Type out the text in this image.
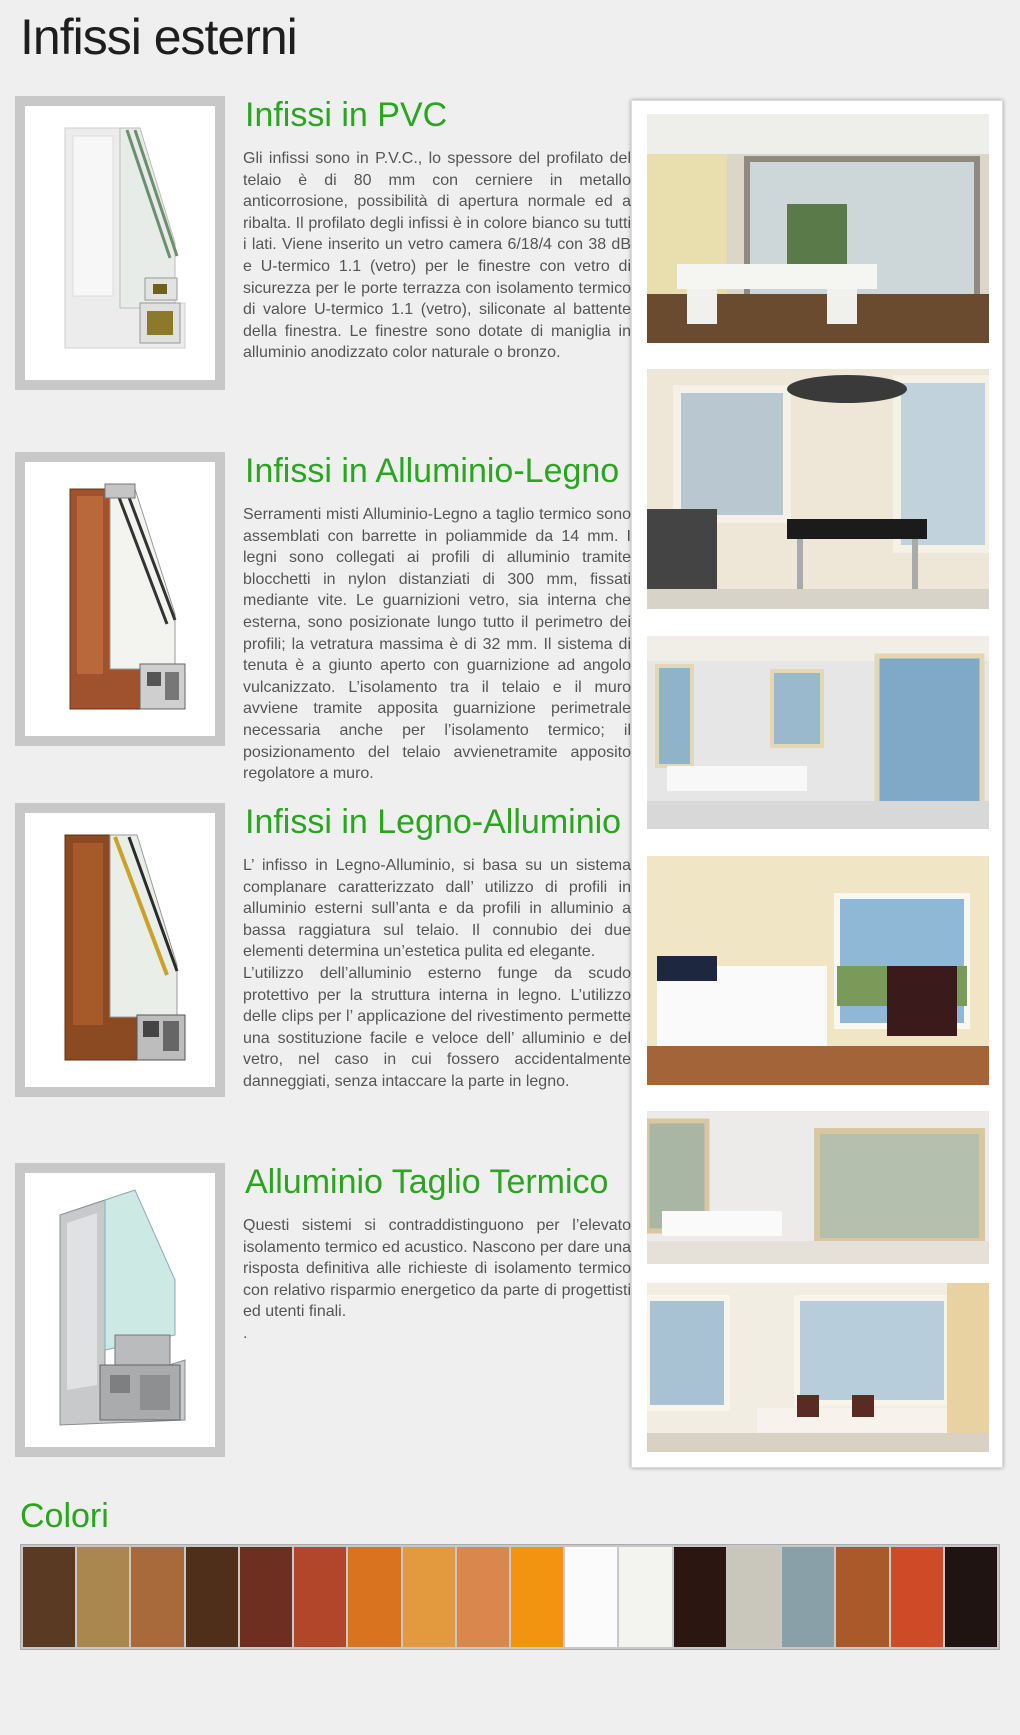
Infissi esterni
Infissi in PVC

Gli infissi sono in P.V.C., lo spessore del profilato del telaio è di 80 mm con cerniere in metallo anticorrosione, possibilità di apertura normale ed a ribalta. Il profilato degli infissi è in colore bianco su tutti i lati. Viene inserito un vetro camera 6/18/4 con 38 dB e U-termico 1.1 (vetro) per le finestre con vetro di sicurezza per le porte terrazza con isolamento termico di valore U-termico 1.1 (vetro), siliconate al battente della finestra. Le finestre sono dotate di maniglia in alluminio anodizzato color naturale o bronzo.

Infissi in Alluminio-Legno

Serramenti misti Alluminio-Legno a taglio termico sono assemblati con barrette in poliammide da 14 mm. I legni sono collegati ai profili di alluminio tramite blocchetti in nylon distanziati di 300 mm, fissati mediante vite. Le guarnizioni vetro, sia interna che esterna, sono posizionate lungo tutto il perimetro dei profili; la vetratura massima è di 32 mm. Il sistema di tenuta è a giunto aperto con guarnizione ad angolo vulcanizzato. L’isolamento tra il telaio e il muro avviene tramite apposita guarnizione perimetrale necessaria anche per l’isolamento termico; il posizionamento del telaio avvienetramite apposito regolatore a muro.

Infissi in Legno-Alluminio

L’ infisso in Legno-Alluminio, si basa su un sistema complanare caratterizzato dall’ utilizzo di profili in alluminio esterni sull’anta e da profili in alluminio a bassa raggiatura sul telaio. Il connubio dei due elementi determina un’estetica pulita ed elegante.
L’utilizzo dell’alluminio esterno funge da scudo protettivo per la struttura interna in legno. L’utilizzo delle clips per l’ applicazione del rivestimento permette una sostituzione facile e veloce dell’ alluminio e del vetro, nel caso in cui fossero accidentalmente danneggiati, senza intaccare la parte in legno.

Alluminio Taglio Termico

Questi sistemi si contraddistinguono per l’elevato isolamento termico ed acustico. Nascono per dare una risposta definitiva alle richieste di isolamento termico con relativo risparmio energetico da parte di progettisti ed utenti finali.
.

Colori
